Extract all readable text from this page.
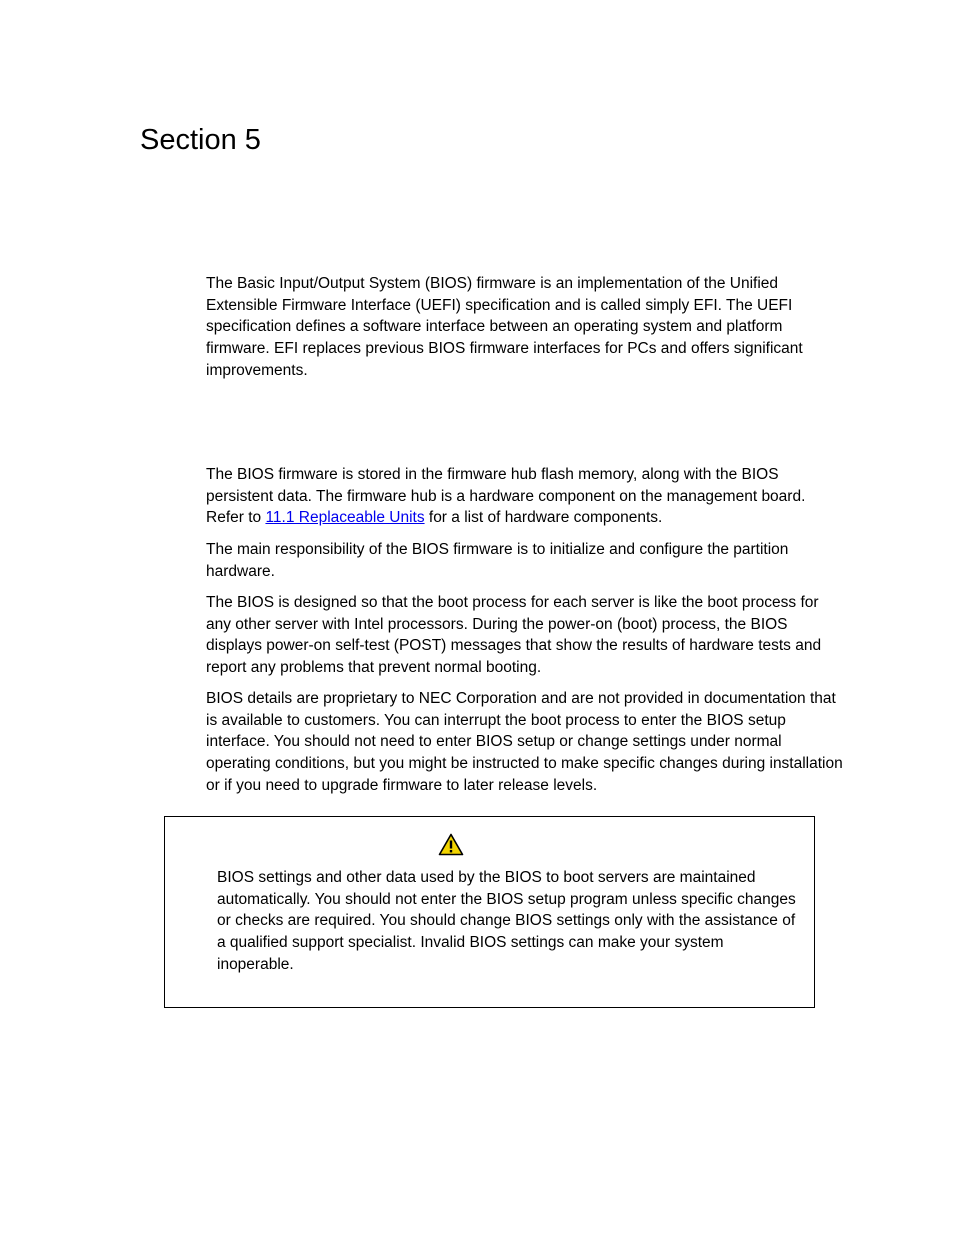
Section 5

The Basic Input/Output System (BIOS) firmware is an implementation of the Unified Extensible Firmware Interface (UEFI) specification and is called simply EFI. The UEFI specification defines a software interface between an operating system and platform firmware. EFI replaces previous BIOS firmware interfaces for PCs and offers significant improvements.

The BIOS firmware is stored in the firmware hub flash memory, along with the BIOS persistent data. The firmware hub is a hardware component on the management board. Refer to 11.1 Replaceable Units for a list of hardware components.

The main responsibility of the BIOS firmware is to initialize and configure the partition hardware.

The BIOS is designed so that the boot process for each server is like the boot process for any other server with Intel processors. During the power-on (boot) process, the BIOS displays power-on self-test (POST) messages that show the results of hardware tests and report any problems that prevent normal booting.

BIOS details are proprietary to NEC Corporation and are not provided in documentation that is available to customers. You can interrupt the boot process to enter the BIOS setup interface. You should not need to enter BIOS setup or change settings under normal operating conditions, but you might be instructed to make specific changes during installation or if you need to upgrade firmware to later release levels.

BIOS settings and other data used by the BIOS to boot servers are maintained automatically. You should not enter the BIOS setup program unless specific changes or checks are required. You should change BIOS settings only with the assistance of a qualified support specialist. Invalid BIOS settings can make your system inoperable.
